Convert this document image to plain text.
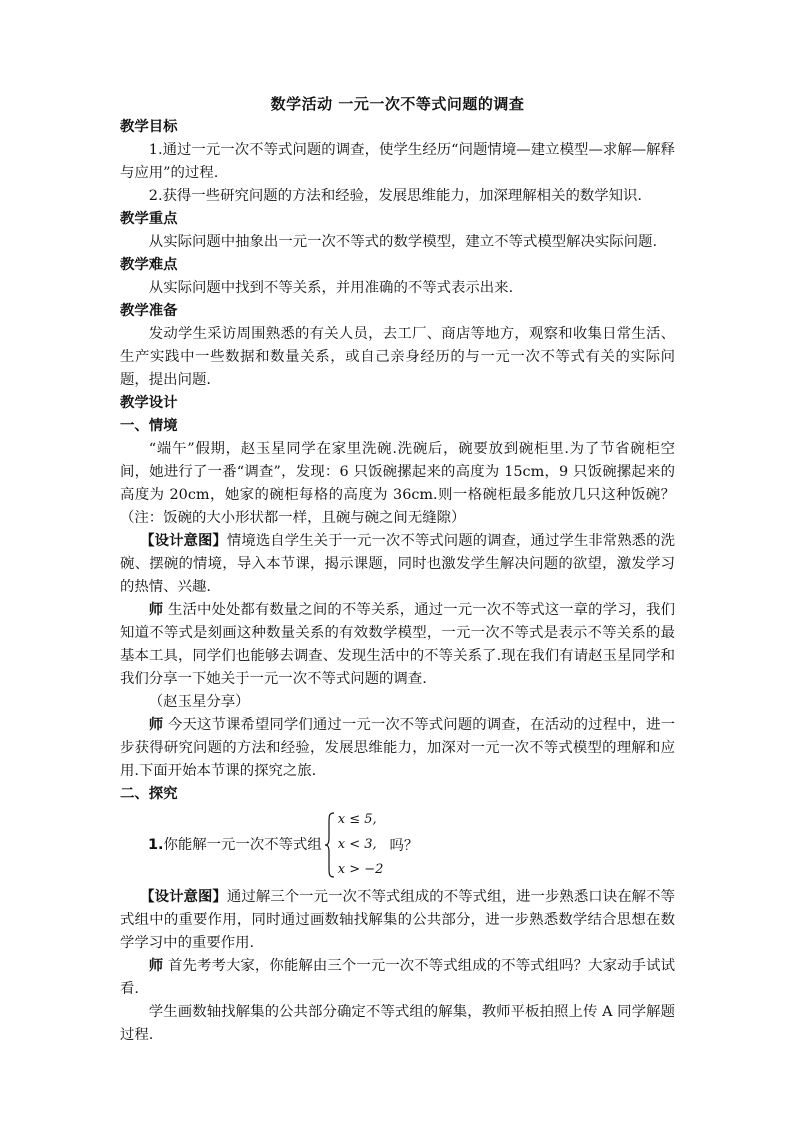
数学活动 一元一次不等式问题的调查

教学目标

1.通过一元一次不等式问题的调查，使学生经历“问题情境—建立模型—求解—解释与应用”的过程.

2.获得一些研究问题的方法和经验，发展思维能力，加深理解相关的数学知识.

教学重点

从实际问题中抽象出一元一次不等式的数学模型，建立不等式模型解决实际问题.

教学难点

从实际问题中找到不等关系，并用准确的不等式表示出来.

教学准备

发动学生采访周围熟悉的有关人员，去工厂、商店等地方，观察和收集日常生活、生产实践中一些数据和数量关系，或自己亲身经历的与一元一次不等式有关的实际问题，提出问题.

教学设计

一、情境

“端午”假期，赵玉星同学在家里洗碗.洗碗后，碗要放到碗柜里.为了节省碗柜空间，她进行了一番“调查”，发现：6 只饭碗摞起来的高度为 15cm，9 只饭碗摞起来的高度为 20cm，她家的碗柜每格的高度为 36cm.则一格碗柜最多能放几只这种饭碗？（注：饭碗的大小形状都一样，且碗与碗之间无缝隙）

【设计意图】情境选自学生关于一元一次不等式问题的调查，通过学生非常熟悉的洗碗、摆碗的情境，导入本节课，揭示课题，同时也激发学生解决问题的欲望，激发学习的热情、兴趣.

师 生活中处处都有数量之间的不等关系，通过一元一次不等式这一章的学习，我们知道不等式是刻画这种数量关系的有效数学模型，一元一次不等式是表示不等关系的最基本工具，同学们也能够去调查、发现生活中的不等关系了.现在我们有请赵玉星同学和我们分享一下她关于一元一次不等式问题的调查.

（赵玉星分享）

师 今天这节课希望同学们通过一元一次不等式问题的调查，在活动的过程中，进一步获得研究问题的方法和经验，发展思维能力，加深对一元一次不等式模型的理解和应用.下面开始本节课的探究之旅.

二、探究

1.你能解一元一次不等式组
x ≤ 5,
x < 3,
x > −2
吗？

【设计意图】通过解三个一元一次不等式组成的不等式组，进一步熟悉口诀在解不等式组中的重要作用，同时通过画数轴找解集的公共部分，进一步熟悉数学结合思想在数学学习中的重要作用.

师 首先考考大家，你能解由三个一元一次不等式组成的不等式组吗？大家动手试试看.

学生画数轴找解集的公共部分确定不等式组的解集，教师平板拍照上传 A 同学解题过程.
